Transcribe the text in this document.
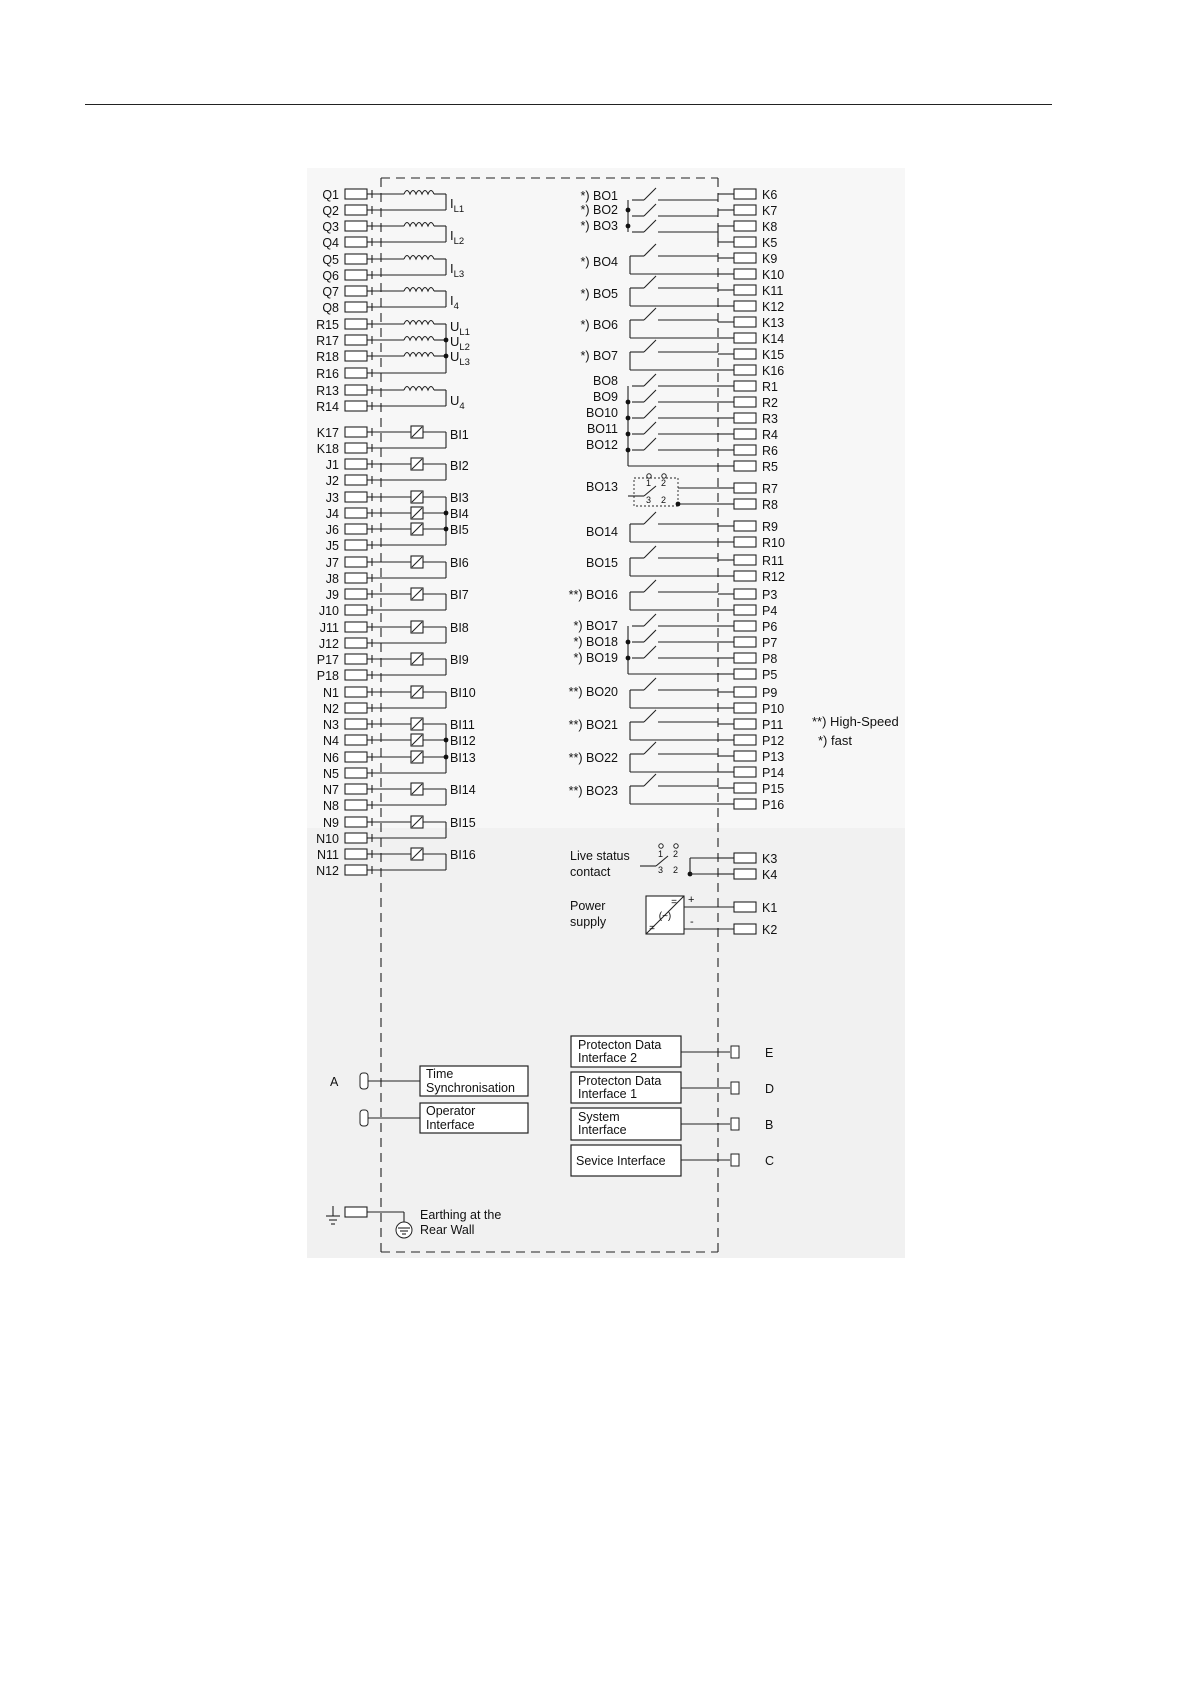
Q1
Q2
Q3
Q4
Q5
Q6
Q7
Q8
R15
R17
R18
R16
R13
R14
K17
K18
J1
J2
J3
J4
J6
J5
J7
J8
J9
J10
J11
J12
P17
P18
N1
N2
N3
N4
N6
N5
N7
N8
N9
N10
N11
N12
$I_{L1}$
$I_{L2}$
$I_{L3}$
$I_4$
$U_{L1}$
$U_{L2}$
$U_{L3}$
$U_4$
BI1
BI2
BI3
BI4
BI5
BI6
BI7
BI8
BI9
BI10
BI11
BI12
BI13
BI14
BI15
BI16
K6
K7
K8
K5
K9
K10
K11
K12
K13
K14
K15
K16
R1
R2
R3
R4
R6
R5
R7
R8
R9
R10
R11
R12
P3
P4
P6
P7
P8
P5
P9
P10
P11
P12
P13
P14
P15
P16
*) BO1
*) BO2
*) BO3
*) BO4
*) BO5
*) BO6
*) BO7
BO8
BO9
BO10
BO11
BO12
BO13
BO14
BO15
**) BO16
*) BO17
*) BO18
*) BO19
**) BO20
**) BO21
**) BO22
**) BO23
1 2
3 2
**) High-Speed
*) fast
Live status
contact
1 2
3 2
K3
K4
Power
supply	(~)
=
=
+
-
K1
K2
Protecton Data
Interface 2	E
Protecton Data
Interface 1	D
System
Interface	B
Sevice Interface	C
Time
Synchronisation
A
Operator
Interface
Earthing at the
Rear Wall
